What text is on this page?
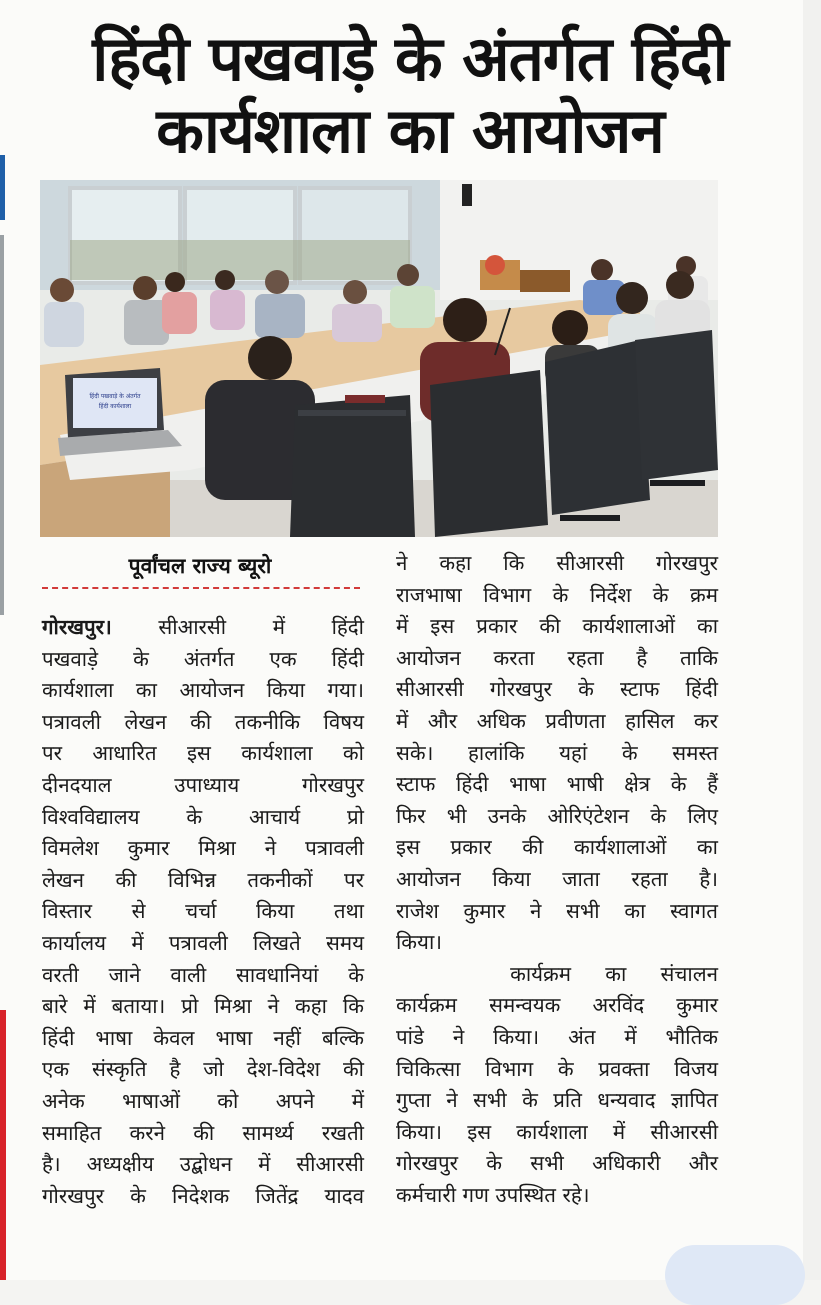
हिंदी पखवाड़े के अंतर्गत हिंदी
कार्यशाला का आयोजन
हिंदी पखवाड़े के अंतर्गत
हिंदी कार्यशाला
पूर्वांचल राज्य ब्यूरो
गोरखपुर। सीआरसी में हिंदी
पखवाड़े के अंतर्गत एक हिंदी
कार्यशाला का आयोजन किया गया।
पत्रावली लेखन की तकनीकि विषय
पर आधारित इस कार्यशाला को
दीनदयाल उपाध्याय गोरखपुर
विश्वविद्यालय के आचार्य प्रो
विमलेश कुमार मिश्रा ने पत्रावली
लेखन की विभिन्न तकनीकों पर
विस्तार से चर्चा किया तथा
कार्यालय में पत्रावली लिखते समय
वरती जाने वाली सावधानियां के
बारे में बताया। प्रो मिश्रा ने कहा कि
हिंदी भाषा केवल भाषा नहीं बल्कि
एक संस्कृति है जो देश-विदेश की
अनेक भाषाओं को अपने में
समाहित करने की सामर्थ्य रखती
है। अध्यक्षीय उद्बोधन में सीआरसी
गोरखपुर के निदेशक जितेंद्र यादव
ने कहा कि सीआरसी गोरखपुर
राजभाषा विभाग के निर्देश के क्रम
में इस प्रकार की कार्यशालाओं का
आयोजन करता रहता है ताकि
सीआरसी गोरखपुर के स्टाफ हिंदी
में और अधिक प्रवीणता हासिल कर
सके। हालांकि यहां के समस्त
स्टाफ हिंदी भाषा भाषी क्षेत्र के हैं
फिर भी उनके ओरिएंटेशन के लिए
इस प्रकार की कार्यशालाओं का
आयोजन किया जाता रहता है।
राजेश कुमार ने सभी का स्वागत
किया।
कार्यक्रम   का   संचालन
कार्यक्रम समन्वयक अरविंद कुमार
पांडे ने किया। अंत में भौतिक
चिकित्सा विभाग के प्रवक्ता विजय
गुप्ता ने सभी के प्रति धन्यवाद ज्ञापित
किया। इस कार्यशाला में सीआरसी
गोरखपुर के सभी अधिकारी और
कर्मचारी गण उपस्थित रहे।
